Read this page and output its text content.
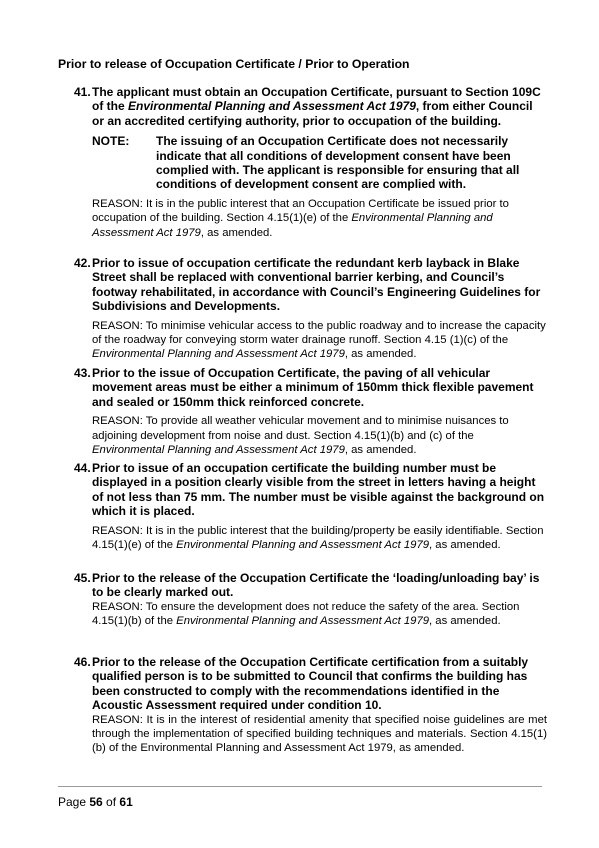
Prior to release of Occupation Certificate / Prior to Operation
41. The applicant must obtain an Occupation Certificate, pursuant to Section 109C of the Environmental Planning and Assessment Act 1979, from either Council or an accredited certifying authority, prior to occupation of the building.
NOTE:	The issuing of an Occupation Certificate does not necessarily indicate that all conditions of development consent have been complied with. The applicant is responsible for ensuring that all conditions of development consent are complied with.
REASON: It is in the public interest that an Occupation Certificate be issued prior to occupation of the building. Section 4.15(1)(e) of the Environmental Planning and Assessment Act 1979, as amended.
42. Prior to issue of occupation certificate the redundant kerb layback in Blake Street shall be replaced with conventional barrier kerbing, and Council’s footway rehabilitated, in accordance with Council’s Engineering Guidelines for Subdivisions and Developments.
REASON: To minimise vehicular access to the public roadway and to increase the capacity of the roadway for conveying storm water drainage runoff. Section 4.15 (1)(c) of the Environmental Planning and Assessment Act 1979, as amended.
43. Prior to the issue of Occupation Certificate, the paving of all vehicular movement areas must be either a minimum of 150mm thick flexible pavement and sealed or 150mm thick reinforced concrete.
REASON: To provide all weather vehicular movement and to minimise nuisances to adjoining development from noise and dust. Section 4.15(1)(b) and (c) of the Environmental Planning and Assessment Act 1979, as amended.
44. Prior to issue of an occupation certificate the building number must be displayed in a position clearly visible from the street in letters having a height of not less than 75 mm. The number must be visible against the background on which it is placed.
REASON: It is in the public interest that the building/property be easily identifiable. Section 4.15(1)(e) of the Environmental Planning and Assessment Act 1979, as amended.
45. Prior to the release of the Occupation Certificate the ‘loading/unloading bay’ is to be clearly marked out.
REASON: To ensure the development does not reduce the safety of the area. Section 4.15(1)(b) of the Environmental Planning and Assessment Act 1979, as amended.
46. Prior to the release of the Occupation Certificate certification from a suitably qualified person is to be submitted to Council that confirms the building has been constructed to comply with the recommendations identified in the Acoustic Assessment required under condition 10.
REASON: It is in the interest of residential amenity that specified noise guidelines are met through the implementation of specified building techniques and materials. Section 4.15(1)(b) of the Environmental Planning and Assessment Act 1979, as amended.
Page 56 of 61
